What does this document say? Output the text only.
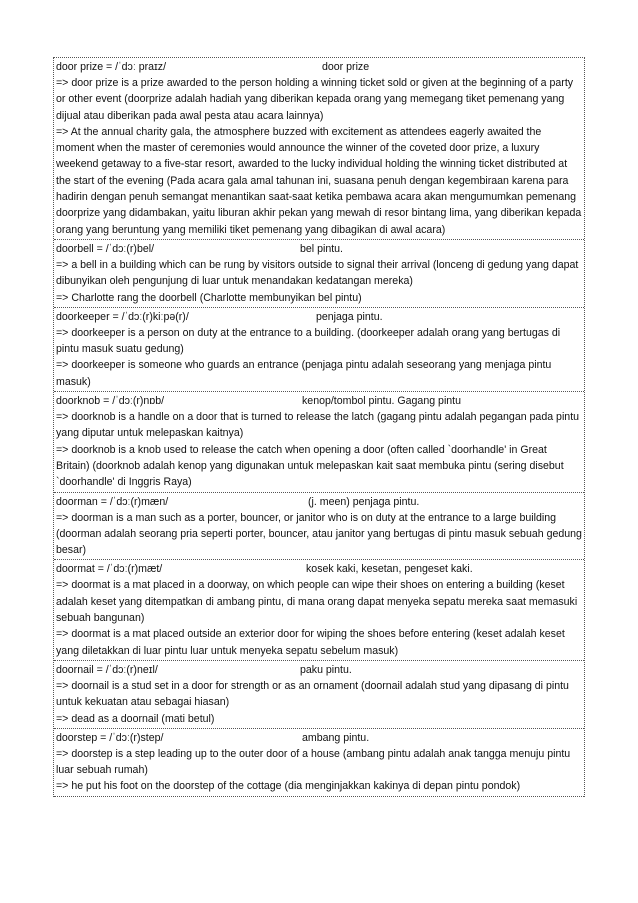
door prize = /ˈdɔː praɪz/	door prize

=> door prize is a prize awarded to the person holding a winning ticket sold or given at the beginning of a party or other event (doorprize adalah hadiah yang diberikan kepada orang yang memegang tiket pemenang yang dijual atau diberikan pada awal pesta atau acara lainnya)

=> At the annual charity gala, the atmosphere buzzed with excitement as attendees eagerly awaited the moment when the master of ceremonies would announce the winner of the coveted door prize, a luxury weekend getaway to a five-star resort, awarded to the lucky individual holding the winning ticket distributed at the start of the evening (Pada acara gala amal tahunan ini, suasana penuh dengan kegembiraan karena para hadirin dengan penuh semangat menantikan saat-saat ketika pembawa acara akan mengumumkan pemenang doorprize yang didambakan, yaitu liburan akhir pekan yang mewah di resor bintang lima, yang diberikan kepada orang yang beruntung yang memiliki tiket pemenang yang dibagikan di awal acara)

doorbell = /ˈdɔː(r)bel/	bel pintu.

=> a bell in a building which can be rung by visitors outside to signal their arrival (lonceng di gedung yang dapat dibunyikan oleh pengunjung di luar untuk menandakan kedatangan mereka)

=> Charlotte rang the doorbell (Charlotte membunyikan bel pintu)

doorkeeper = /ˈdɔː(r)kiːpə(r)/	penjaga pintu.

=> doorkeeper is a person on duty at the entrance to a building. (doorkeeper adalah orang yang bertugas di pintu masuk suatu gedung)

=> doorkeeper is someone who guards an entrance (penjaga pintu adalah seseorang yang menjaga pintu masuk)

doorknob = /ˈdɔː(r)nɒb/	kenop/tombol pintu. Gagang pintu

=> doorknob is a handle on a door that is turned to release the latch (gagang pintu adalah pegangan pada pintu yang diputar untuk melepaskan kaitnya)

=> doorknob is a knob used to release the catch when opening a door (often called `doorhandle' in Great Britain) (doorknob adalah kenop yang digunakan untuk melepaskan kait saat membuka pintu (sering disebut `doorhandle' di Inggris Raya)

doorman = /ˈdɔː(r)mæn/	(j. meen) penjaga pintu.

=> doorman is a man such as a porter, bouncer, or janitor who is on duty at the entrance to a large building (doorman adalah seorang pria seperti porter, bouncer, atau janitor yang bertugas di pintu masuk sebuah gedung besar)

doormat = /ˈdɔː(r)mæt/	kosek kaki, kesetan, pengeset kaki.

=> doormat is a mat placed in a doorway, on which people can wipe their shoes on entering a building (keset adalah keset yang ditempatkan di ambang pintu, di mana orang dapat menyeka sepatu mereka saat memasuki sebuah bangunan)

=> doormat is a mat placed outside an exterior door for wiping the shoes before entering (keset adalah keset yang diletakkan di luar pintu luar untuk menyeka sepatu sebelum masuk)

doornail = /ˈdɔː(r)neɪl/	paku pintu.

=> doornail is a stud set in a door for strength or as an ornament (doornail adalah stud yang dipasang di pintu untuk kekuatan atau sebagai hiasan)

=> dead as a doornail (mati betul)

doorstep = /ˈdɔː(r)step/	ambang pintu.

=> doorstep is a step leading up to the outer door of a house (ambang pintu adalah anak tangga menuju pintu luar sebuah rumah)

=> he put his foot on the doorstep of the cottage (dia menginjakkan kakinya di depan pintu pondok)
